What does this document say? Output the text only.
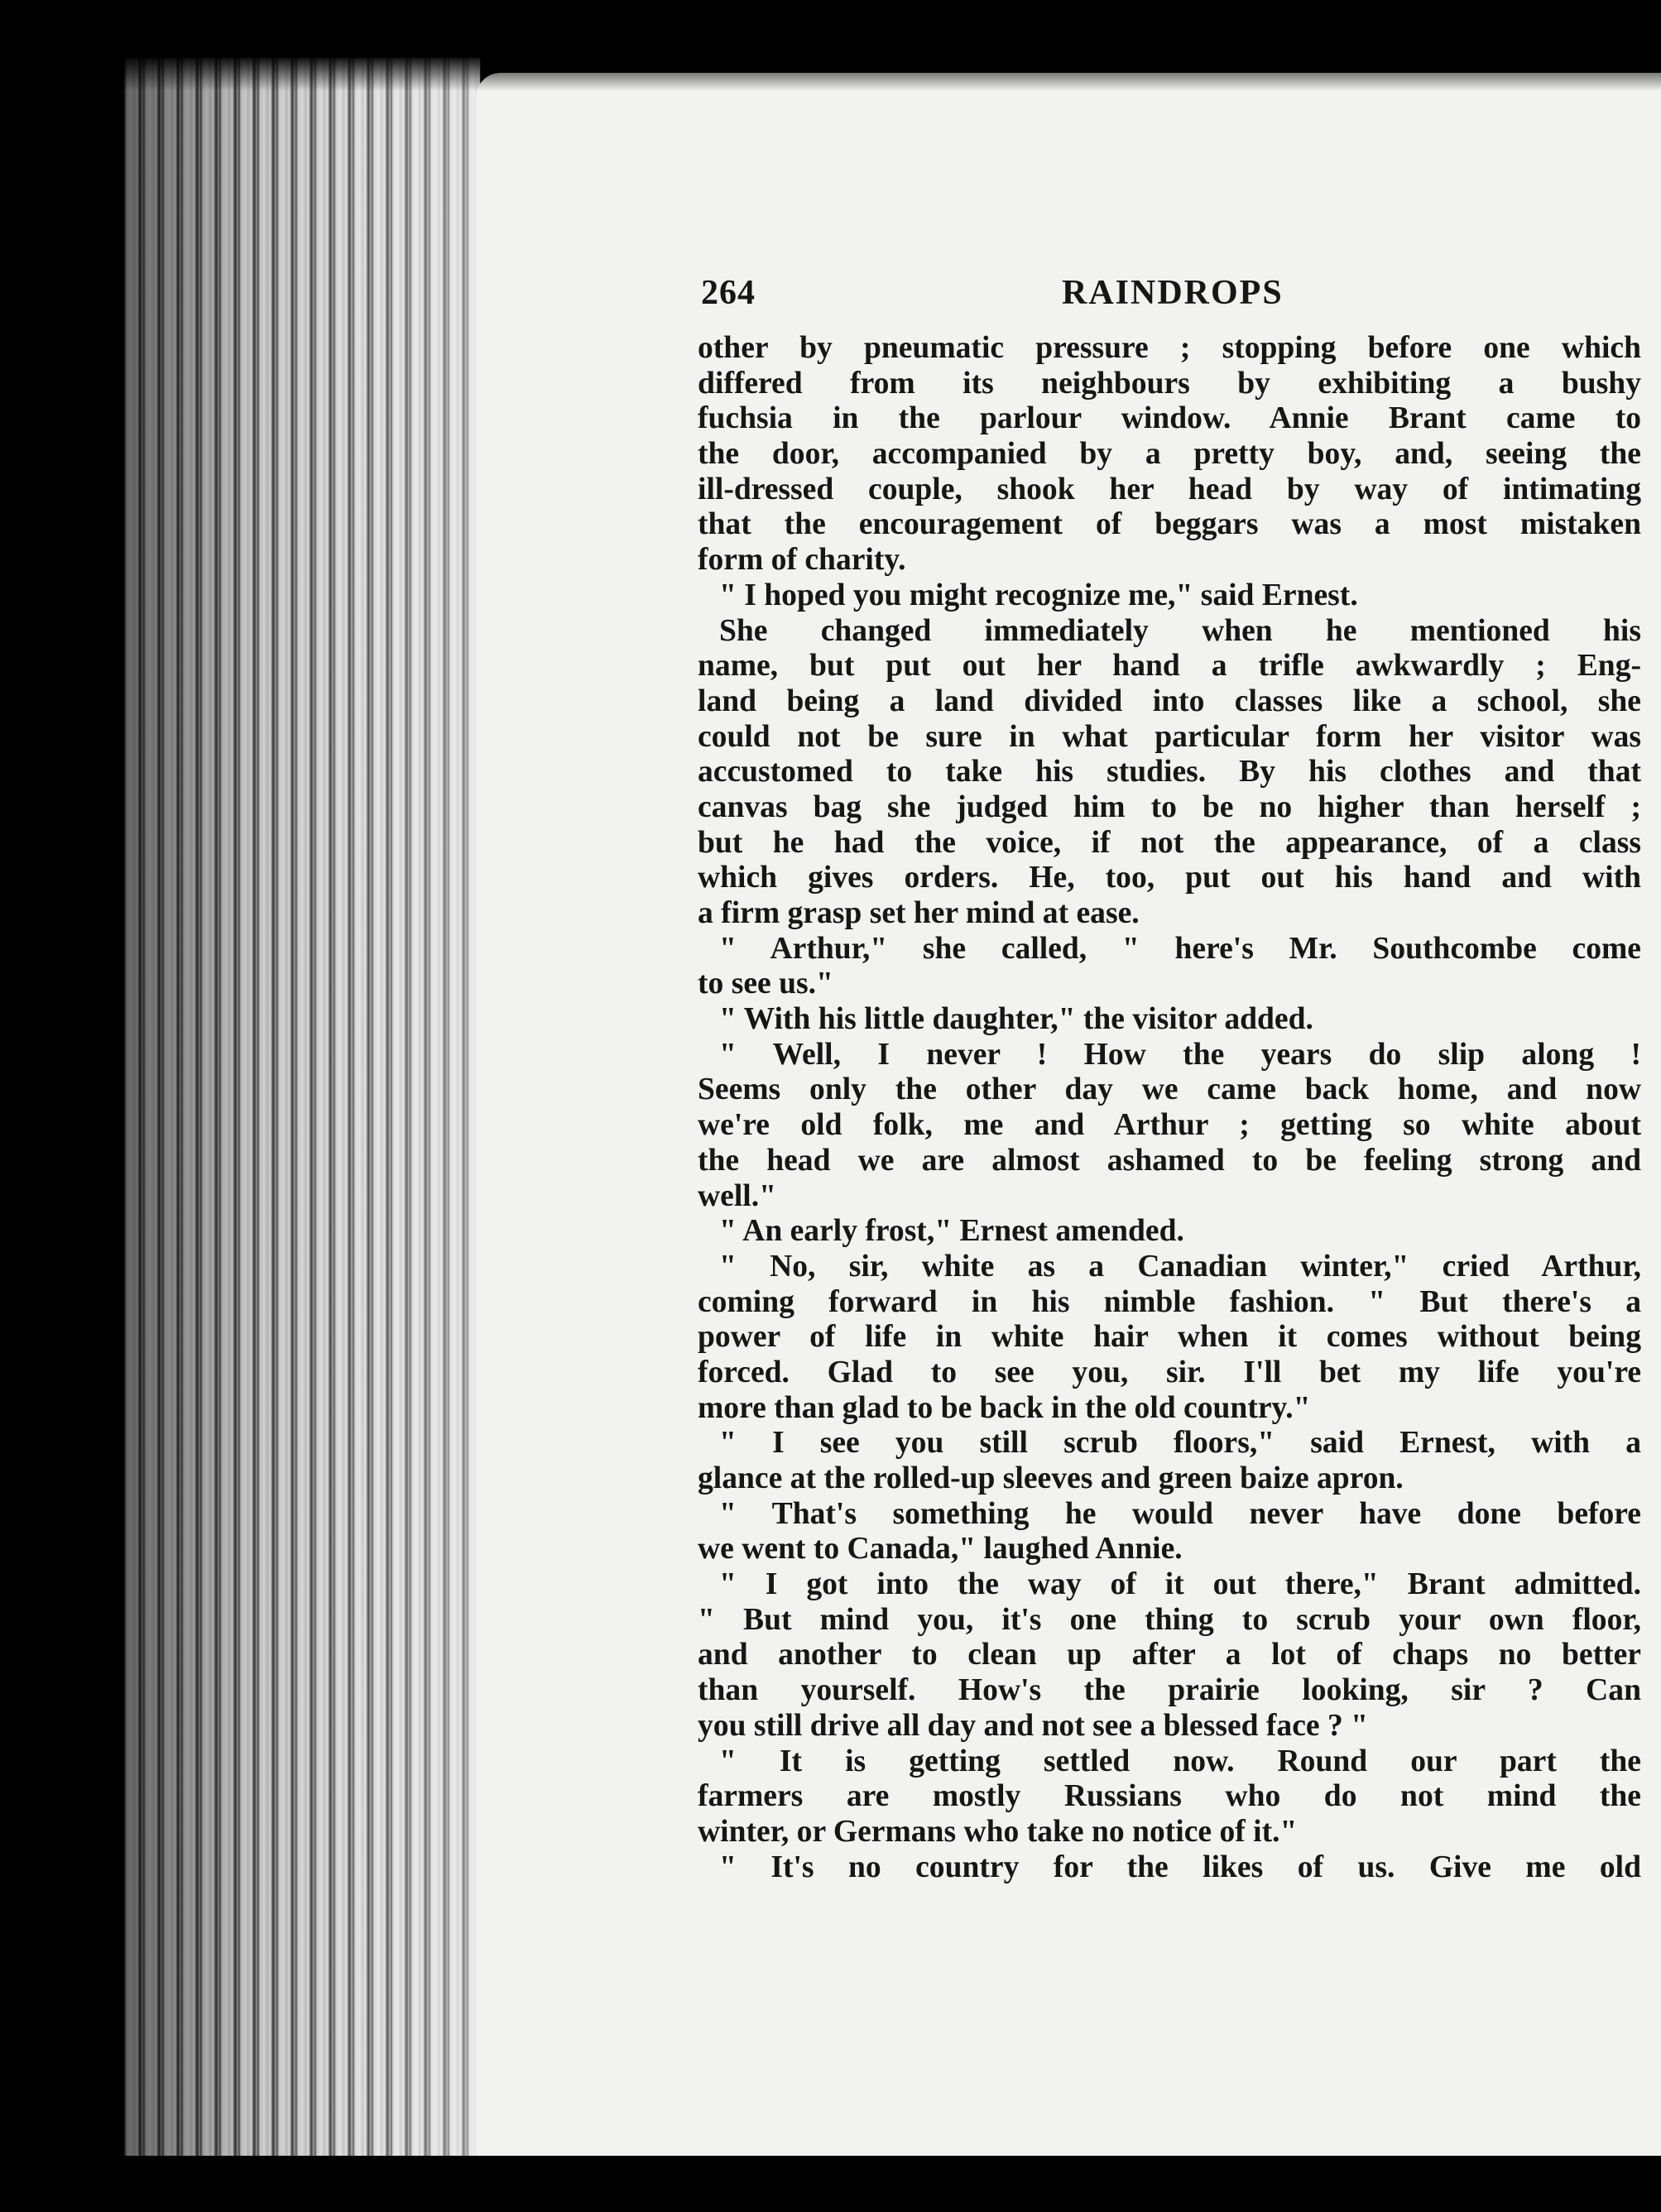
264	RAINDROPS
other by pneumatic pressure ; stopping before one which
differed from its neighbours by exhibiting a bushy
fuchsia in the parlour window. Annie Brant came to
the door, accompanied by a pretty boy, and, seeing the
ill-dressed couple, shook her head by way of intimating
that the encouragement of beggars was a most mistaken
form of charity.
" I hoped you might recognize me," said Ernest.
She changed immediately when he mentioned his
name, but put out her hand a trifle awkwardly ; Eng-
land being a land divided into classes like a school, she
could not be sure in what particular form her visitor was
accustomed to take his studies. By his clothes and that
canvas bag she judged him to be no higher than herself ;
but he had the voice, if not the appearance, of a class
which gives orders. He, too, put out his hand and with
a firm grasp set her mind at ease.
" Arthur," she called, " here's Mr. Southcombe come
to see us."
" With his little daughter," the visitor added.
" Well, I never ! How the years do slip along !
Seems only the other day we came back home, and now
we're old folk, me and Arthur ; getting so white about
the head we are almost ashamed to be feeling strong and
well."
" An early frost," Ernest amended.
" No, sir, white as a Canadian winter," cried Arthur,
coming forward in his nimble fashion. " But there's a
power of life in white hair when it comes without being
forced. Glad to see you, sir. I'll bet my life you're
more than glad to be back in the old country."
" I see you still scrub floors," said Ernest, with a
glance at the rolled-up sleeves and green baize apron.
" That's something he would never have done before
we went to Canada," laughed Annie.
" I got into the way of it out there," Brant admitted.
" But mind you, it's one thing to scrub your own floor,
and another to clean up after a lot of chaps no better
than yourself. How's the prairie looking, sir ? Can
you still drive all day and not see a blessed face ? "
" It is getting settled now. Round our part the
farmers are mostly Russians who do not mind the
winter, or Germans who take no notice of it."
" It's no country for the likes of us. Give me old
